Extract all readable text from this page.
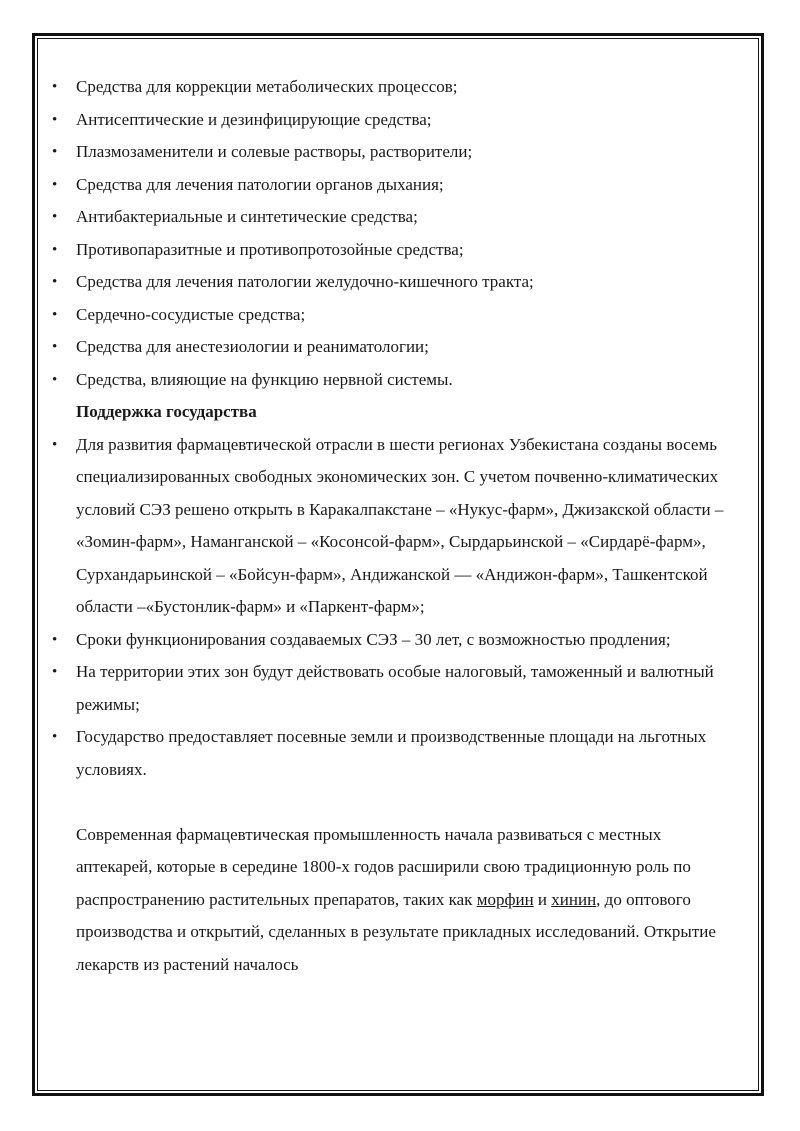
• Средства для коррекции метаболических процессов;
• Антисептические и дезинфицирующие средства;
• Плазмозаменители и солевые растворы, растворители;
• Средства для лечения патологии органов дыхания;
• Антибактериальные и синтетические средства;
• Противопаразитные и противопротозойные средства;
• Средства для лечения патологии желудочно-кишечного тракта;
• Сердечно-сосудистые средства;
• Средства для анестезиологии и реаниматологии;
• Средства, влияющие на функцию нервной системы.
Поддержка государства
• Для развития фармацевтической отрасли в шести регионах Узбекистана созданы восемь специализированных свободных экономических зон. С учетом почвенно-климатических условий СЭЗ решено открыть в Каракалпакстане – «Нукус-фарм», Джизакской области – «Зомин-фарм», Наманганской – «Косонсой-фарм», Сырдарьинской – «Сирдарё-фарм», Сурхандарьинской – «Бойсун-фарм», Андижанской — «Андижон-фарм», Ташкентской области –«Бустонлик-фарм» и «Паркент-фарм»;
• Сроки функционирования создаваемых СЭЗ – 30 лет, с возможностью продления;
• На территории этих зон будут действовать особые налоговый, таможенный и валютный режимы;
• Государство предоставляет посевные земли и производственные площади на льготных условиях.
Современная фармацевтическая промышленность начала развиваться с местных аптекарей, которые в середине 1800-х годов расширили свою традиционную роль по распространению растительных препаратов, таких как морфин и хинин, до оптового производства и открытий, сделанных в результате прикладных исследований. Открытие лекарств из растений началось
